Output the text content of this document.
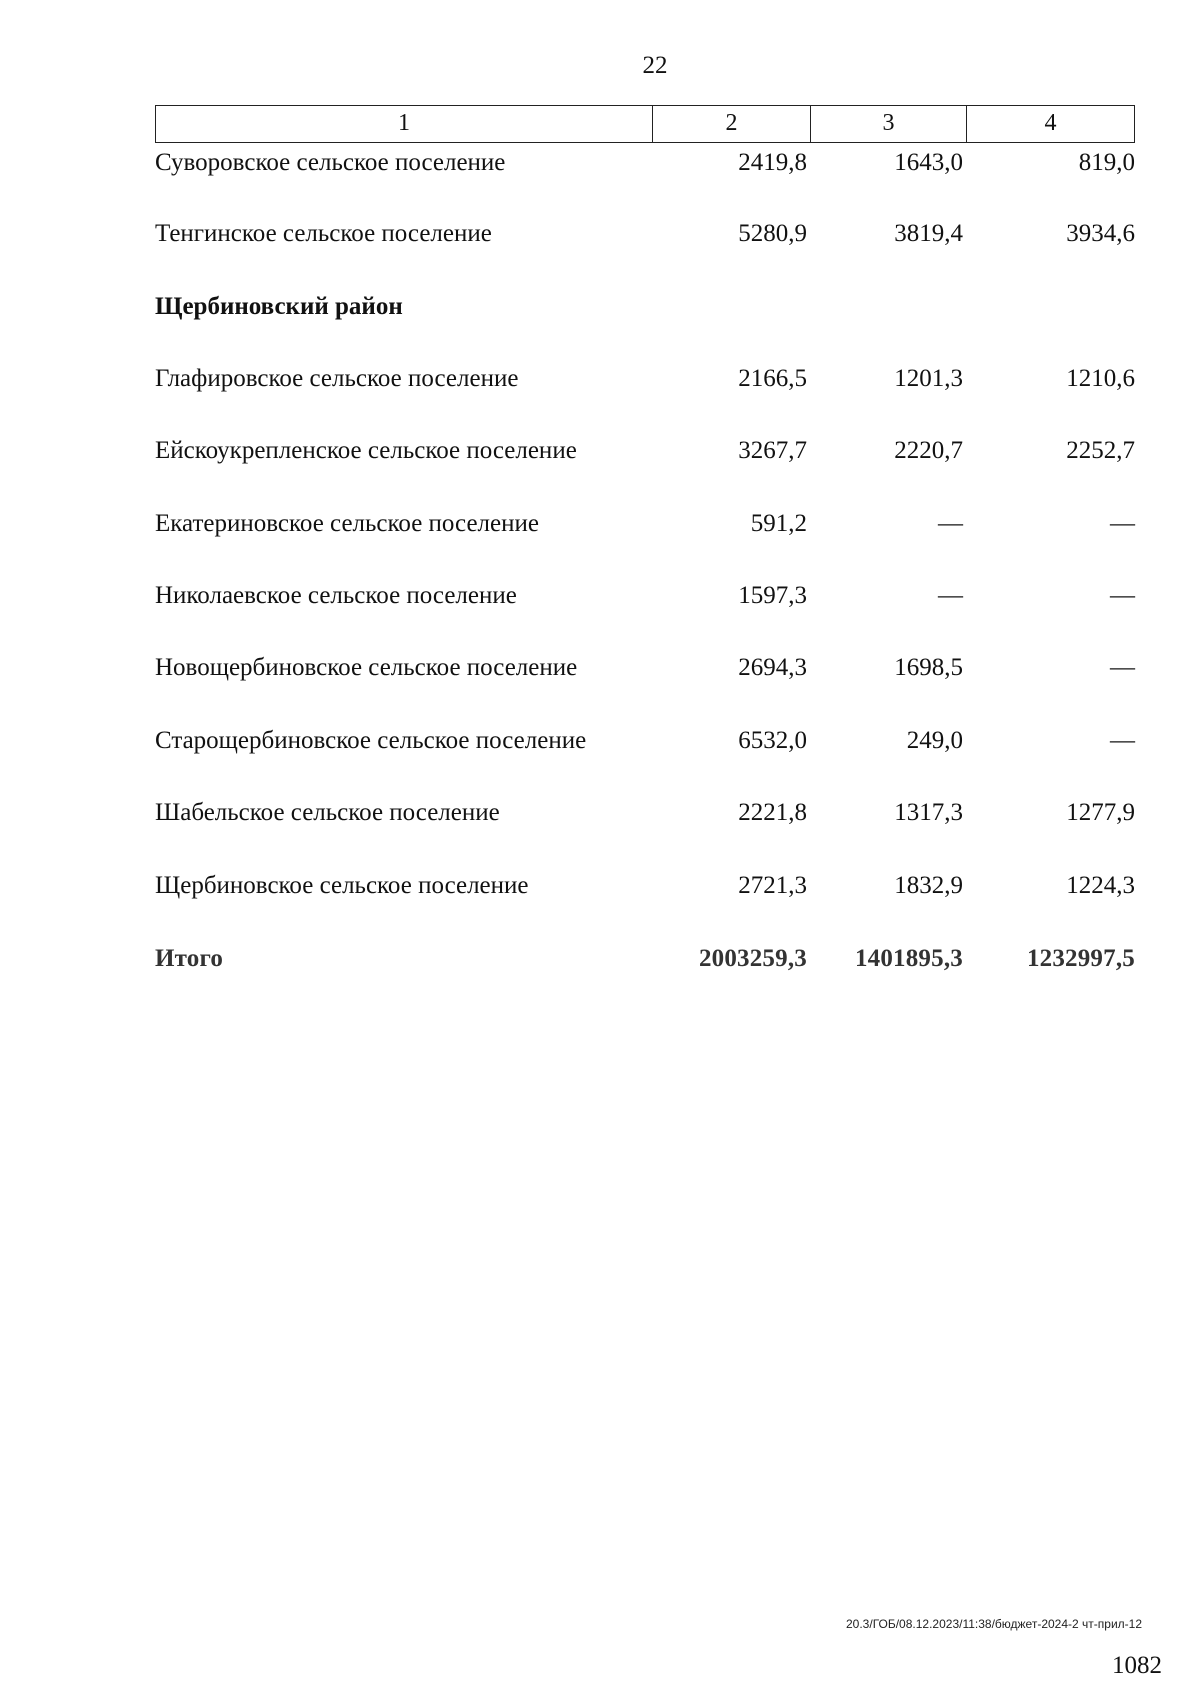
22
1	2	3	4
Суворовское сельское поселение	2419,8	1643,0	819,0
Тенгинское сельское поселение	5280,9	3819,4	3934,6
Щербиновский район
Глафировское сельское поселение	2166,5	1201,3	1210,6
Ейскоукрепленское сельское поселение	3267,7	2220,7	2252,7
Екатериновское сельское поселение	591,2	—	—
Николаевское сельское поселение	1597,3	—	—
Новощербиновское сельское поселение	2694,3	1698,5	—
Старощербиновское сельское поселение	6532,0	249,0	—
Шабельское сельское поселение	2221,8	1317,3	1277,9
Щербиновское сельское поселение	2721,3	1832,9	1224,3
Итого	2003259,3	1401895,3	1232997,5
20.3/ГОБ/08.12.2023/11:38/бюджет-2024-2 чт-прил-12
1082
